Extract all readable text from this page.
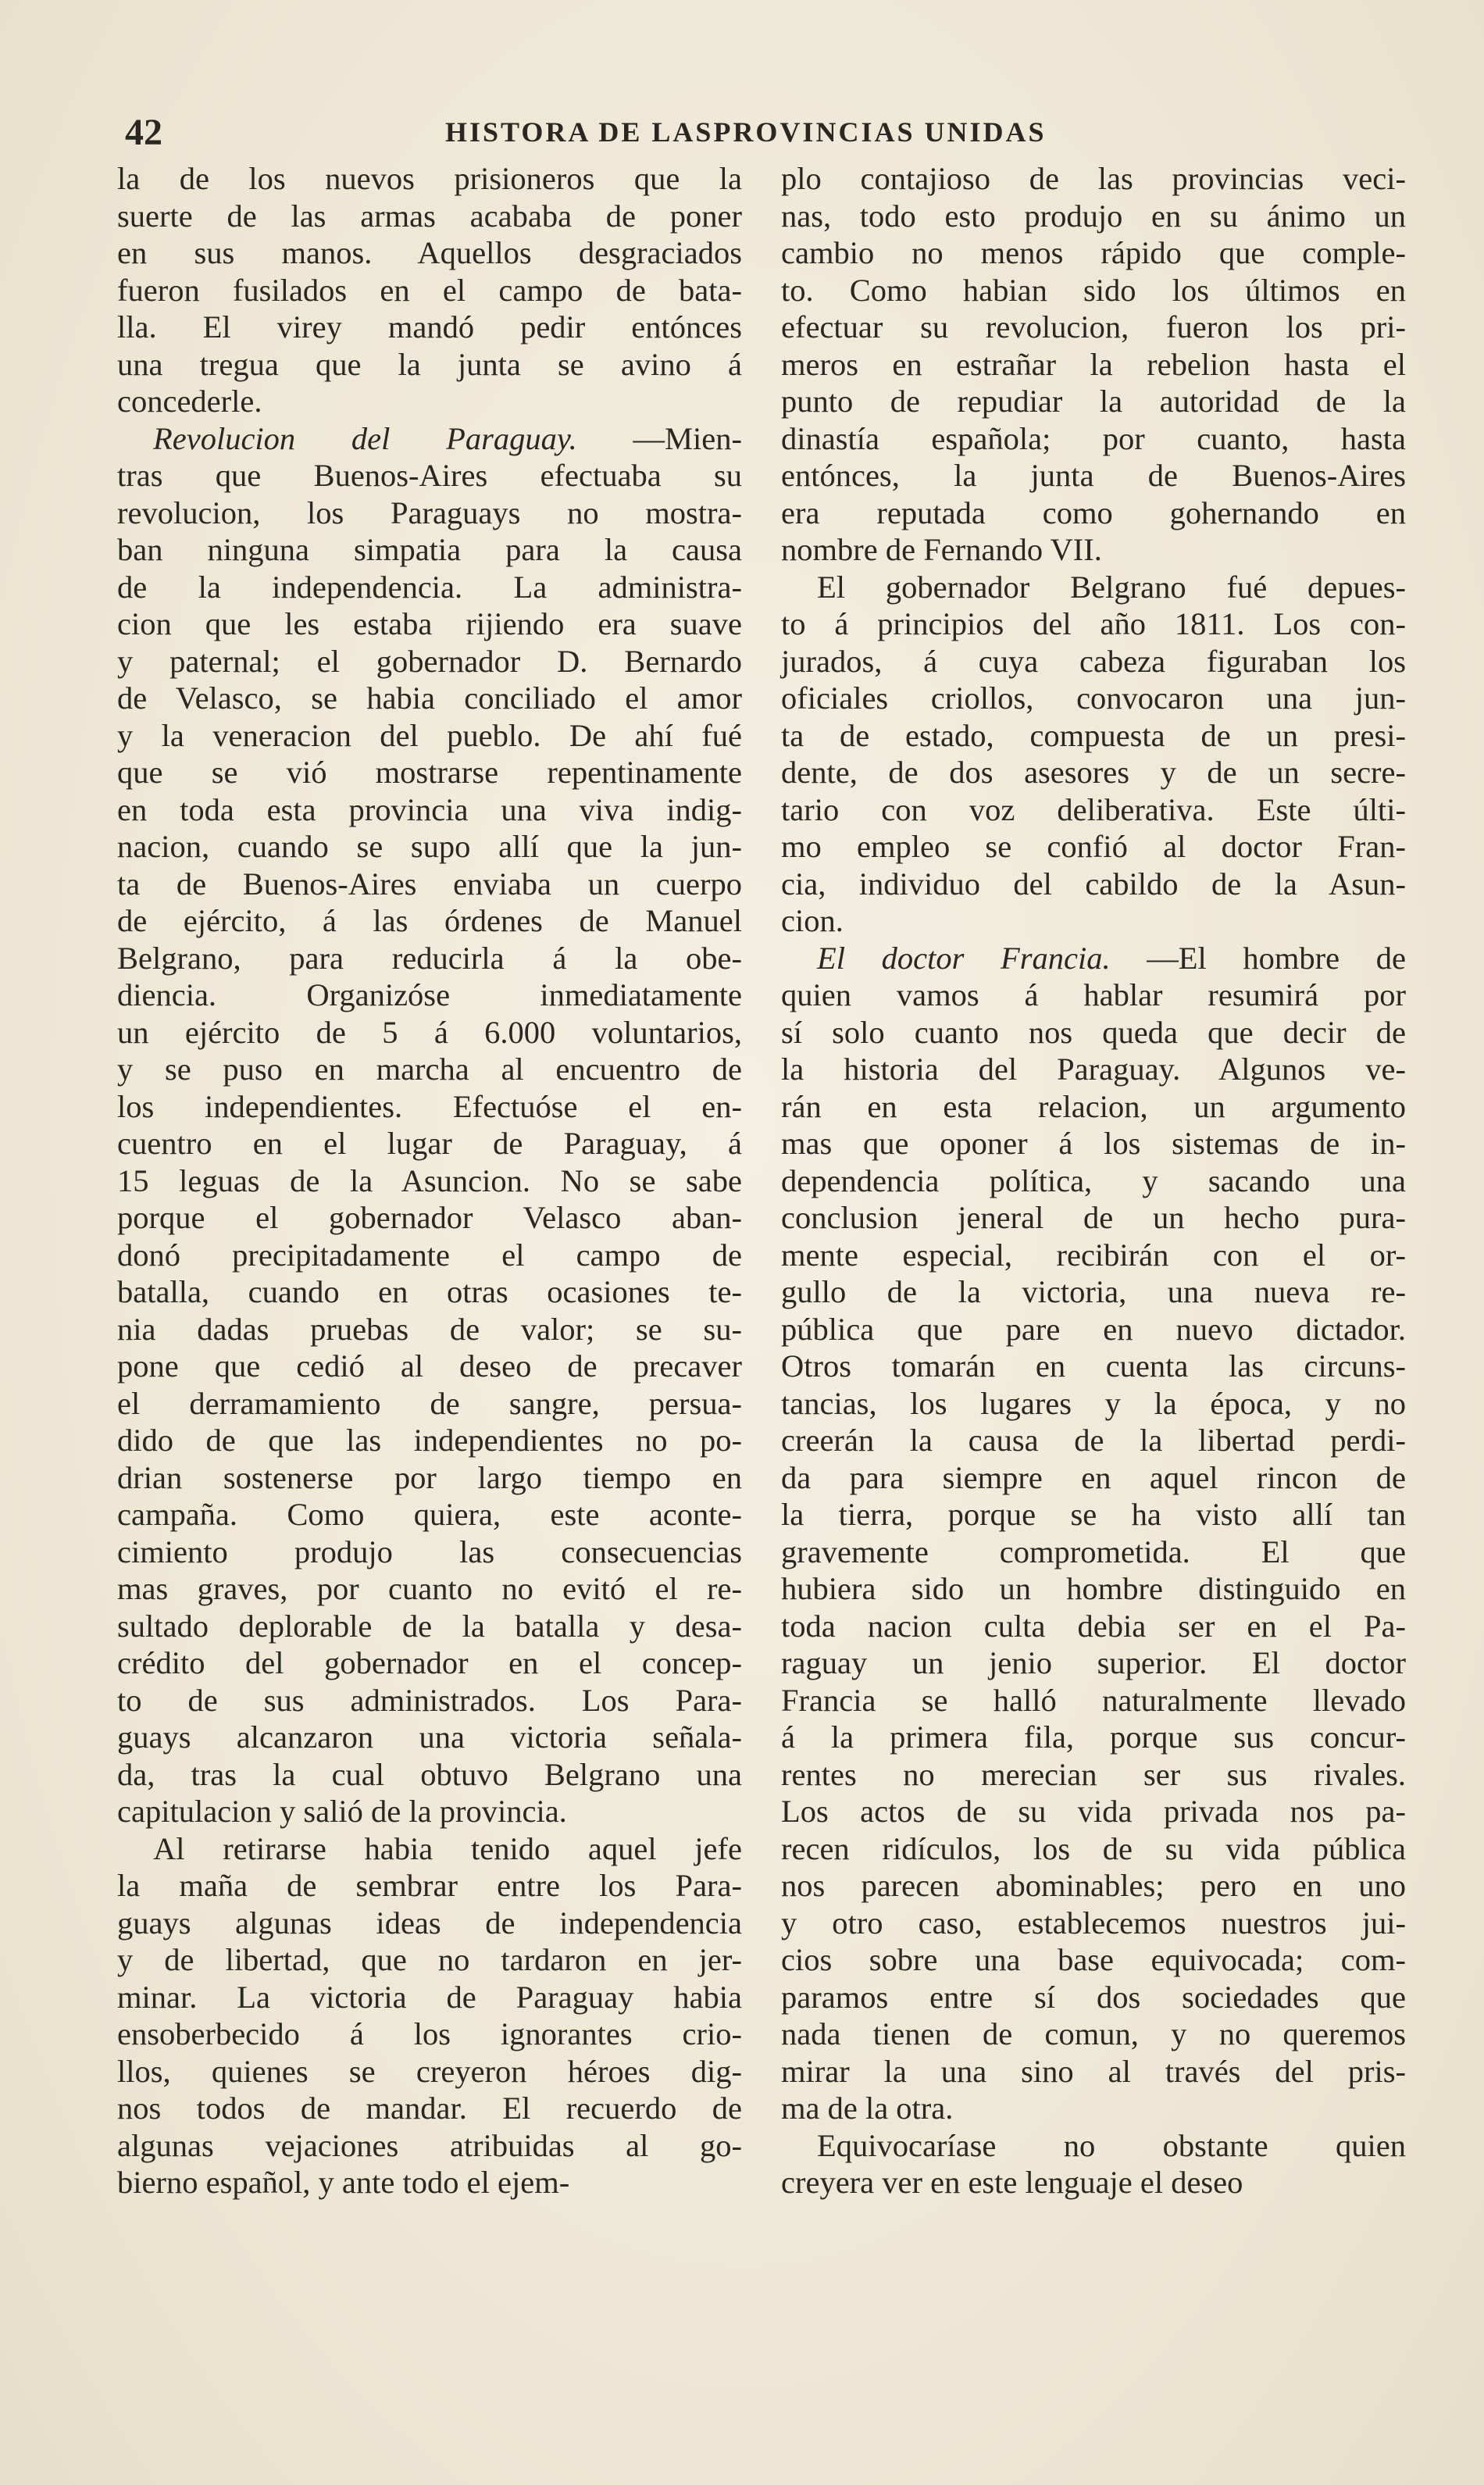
42	HISTORA DE LASPROVINCIAS UNIDAS
la de los nuevos prisioneros que la
suerte de las armas acababa de poner
en sus manos. Aquellos desgraciados
fueron fusilados en el campo de bata-
lla. El virey mandó pedir entónces
una tregua que la junta se avino á
concederle.
Revolucion del Paraguay. —Mien-
tras que Buenos-Aires efectuaba su
revolucion, los Paraguays no mostra-
ban ninguna simpatia para la causa
de la independencia. La administra-
cion que les estaba rijiendo era suave
y paternal; el gobernador D. Bernardo
de Velasco, se habia conciliado el amor
y la veneracion del pueblo. De ahí fué
que se vió mostrarse repentinamente
en toda esta provincia una viva indig-
nacion, cuando se supo allí que la jun-
ta de Buenos-Aires enviaba un cuerpo
de ejército, á las órdenes de Manuel
Belgrano, para reducirla á la obe-
diencia. Organizóse inmediatamente
un ejército de 5 á 6.000 voluntarios,
y se puso en marcha al encuentro de
los independientes. Efectuóse el en-
cuentro en el lugar de Paraguay, á
15 leguas de la Asuncion. No se sabe
porque el gobernador Velasco aban-
donó precipitadamente el campo de
batalla, cuando en otras ocasiones te-
nia dadas pruebas de valor; se su-
pone que cedió al deseo de precaver
el derramamiento de sangre, persua-
dido de que las independientes no po-
drian sostenerse por largo tiempo en
campaña. Como quiera, este aconte-
cimiento produjo las consecuencias
mas graves, por cuanto no evitó el re-
sultado deplorable de la batalla y desa-
crédito del gobernador en el concep-
to de sus administrados. Los Para-
guays alcanzaron una victoria señala-
da, tras la cual obtuvo Belgrano una
capitulacion y salió de la provincia.
Al retirarse habia tenido aquel jefe
la maña de sembrar entre los Para-
guays algunas ideas de independencia
y de libertad, que no tardaron en jer-
minar. La victoria de Paraguay habia
ensoberbecido á los ignorantes crio-
llos, quienes se creyeron héroes dig-
nos todos de mandar. El recuerdo de
algunas vejaciones atribuidas al go-
bierno español, y ante todo el ejem-
plo contajioso de las provincias veci-
nas, todo esto produjo en su ánimo un
cambio no menos rápido que comple-
to. Como habian sido los últimos en
efectuar su revolucion, fueron los pri-
meros en estrañar la rebelion hasta el
punto de repudiar la autoridad de la
dinastía española; por cuanto, hasta
entónces, la junta de Buenos-Aires
era reputada como gohernando en
nombre de Fernando VII.
El gobernador Belgrano fué depues-
to á principios del año 1811. Los con-
jurados, á cuya cabeza figuraban los
oficiales criollos, convocaron una jun-
ta de estado, compuesta de un presi-
dente, de dos asesores y de un secre-
tario con voz deliberativa. Este últi-
mo empleo se confió al doctor Fran-
cia, individuo del cabildo de la Asun-
cion.
El doctor Francia. —El hombre de
quien vamos á hablar resumirá por
sí solo cuanto nos queda que decir de
la historia del Paraguay. Algunos ve-
rán en esta relacion, un argumento
mas que oponer á los sistemas de in-
dependencia política, y sacando una
conclusion jeneral de un hecho pura-
mente especial, recibirán con el or-
gullo de la victoria, una nueva re-
pública que pare en nuevo dictador.
Otros tomarán en cuenta las circuns-
tancias, los lugares y la época, y no
creerán la causa de la libertad perdi-
da para siempre en aquel rincon de
la tierra, porque se ha visto allí tan
gravemente comprometida. El que
hubiera sido un hombre distinguido en
toda nacion culta debia ser en el Pa-
raguay un jenio superior. El doctor
Francia se halló naturalmente llevado
á la primera fila, porque sus concur-
rentes no merecian ser sus rivales.
Los actos de su vida privada nos pa-
recen ridículos, los de su vida pública
nos parecen abominables; pero en uno
y otro caso, establecemos nuestros jui-
cios sobre una base equivocada; com-
paramos entre sí dos sociedades que
nada tienen de comun, y no queremos
mirar la una sino al través del pris-
ma de la otra.
Equivocaríase no obstante quien
creyera ver en este lenguaje el deseo
